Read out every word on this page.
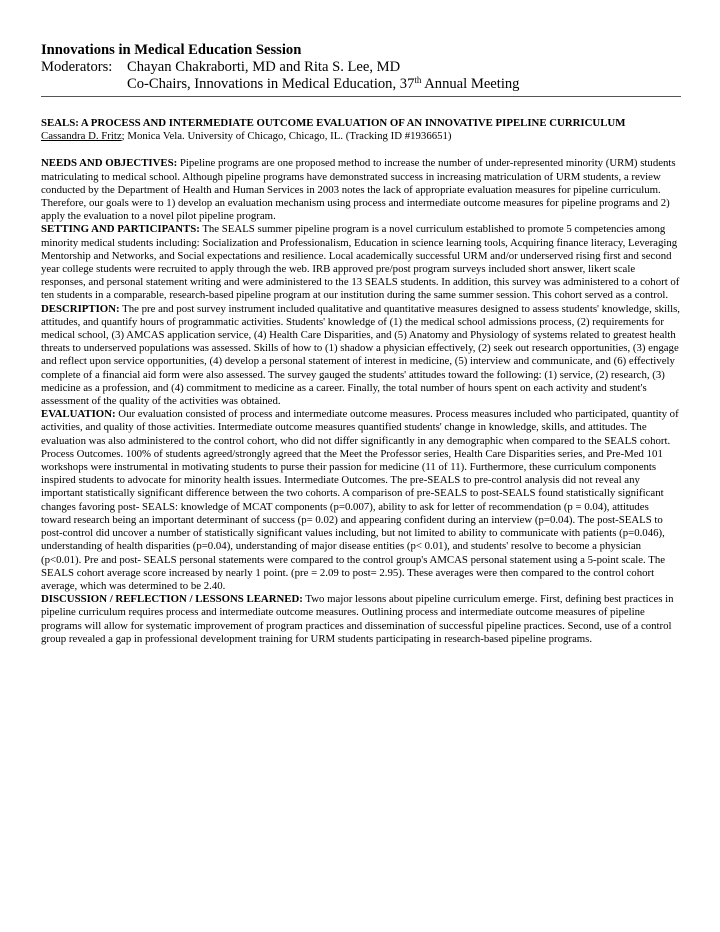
Innovations in Medical Education Session
Moderators:	Chayan Chakraborti, MD and Rita S. Lee, MD
Co-Chairs, Innovations in Medical Education, 37th Annual Meeting
SEALS: A PROCESS AND INTERMEDIATE OUTCOME EVALUATION OF AN INNOVATIVE PIPELINE CURRICULUM
Cassandra D. Fritz; Monica Vela. University of Chicago, Chicago, IL. (Tracking ID #1936651)

NEEDS AND OBJECTIVES: Pipeline programs are one proposed method to increase the number of under-represented minority (URM) students matriculating to medical school. Although pipeline programs have demonstrated success in increasing matriculation of URM students, a review conducted by the Department of Health and Human Services in 2003 notes the lack of appropriate evaluation measures for pipeline curriculum. Therefore, our goals were to 1) develop an evaluation mechanism using process and intermediate outcome measures for pipeline programs and 2) apply the evaluation to a novel pilot pipeline program.

SETTING AND PARTICIPANTS: The SEALS summer pipeline program is a novel curriculum established to promote 5 competencies among minority medical students including: Socialization and Professionalism, Education in science learning tools, Acquiring finance literacy, Leveraging Mentorship and Networks, and Social expectations and resilience. Local academically successful URM and/or underserved rising first and second year college students were recruited to apply through the web. IRB approved pre/post program surveys included short answer, likert scale responses, and personal statement writing and were administered to the 13 SEALS students. In addition, this survey was administered to a cohort of ten students in a comparable, research-based pipeline program at our institution during the same summer session. This cohort served as a control.

DESCRIPTION: The pre and post survey instrument included qualitative and quantitative measures designed to assess students' knowledge, skills, attitudes, and quantify hours of programmatic activities. Students' knowledge of (1) the medical school admissions process, (2) requirements for medical school, (3) AMCAS application service, (4) Health Care Disparities, and (5) Anatomy and Physiology of systems related to greatest health threats to underserved populations was assessed. Skills of how to (1) shadow a physician effectively, (2) seek out research opportunities, (3) engage and reflect upon service opportunities, (4) develop a personal statement of interest in medicine, (5) interview and communicate, and (6) effectively complete of a financial aid form were also assessed. The survey gauged the students' attitudes toward the following: (1) service, (2) research, (3) medicine as a profession, and (4) commitment to medicine as a career. Finally, the total number of hours spent on each activity and student's assessment of the quality of the activities was obtained.

EVALUATION: Our evaluation consisted of process and intermediate outcome measures. Process measures included who participated, quantity of activities, and quality of those activities. Intermediate outcome measures quantified students' change in knowledge, skills, and attitudes. The evaluation was also administered to the control cohort, who did not differ significantly in any demographic when compared to the SEALS cohort. Process Outcomes. 100% of students agreed/strongly agreed that the Meet the Professor series, Health Care Disparities series, and Pre-Med 101 workshops were instrumental in motivating students to purse their passion for medicine (11 of 11). Furthermore, these curriculum components inspired students to advocate for minority health issues. Intermediate Outcomes. The pre-SEALS to pre-control analysis did not reveal any important statistically significant difference between the two cohorts. A comparison of pre-SEALS to post-SEALS found statistically significant changes favoring post- SEALS: knowledge of MCAT components (p=0.007), ability to ask for letter of recommendation (p = 0.04), attitudes toward research being an important determinant of success (p= 0.02) and appearing confident during an interview (p=0.04). The post-SEALS to post-control did uncover a number of statistically significant values including, but not limited to ability to communicate with patients (p=0.046), understanding of health disparities (p=0.04), understanding of major disease entities (p< 0.01), and students' resolve to become a physician (p<0.01). Pre and post- SEALS personal statements were compared to the control group's AMCAS personal statement using a 5-point scale. The SEALS cohort average score increased by nearly 1 point. (pre = 2.09 to post= 2.95). These averages were then compared to the control cohort average, which was determined to be 2.40.

DISCUSSION / REFLECTION / LESSONS LEARNED: Two major lessons about pipeline curriculum emerge. First, defining best practices in pipeline curriculum requires process and intermediate outcome measures. Outlining process and intermediate outcome measures of pipeline programs will allow for systematic improvement of program practices and dissemination of successful pipeline practices. Second, use of a control group revealed a gap in professional development training for URM students participating in research-based pipeline programs.
